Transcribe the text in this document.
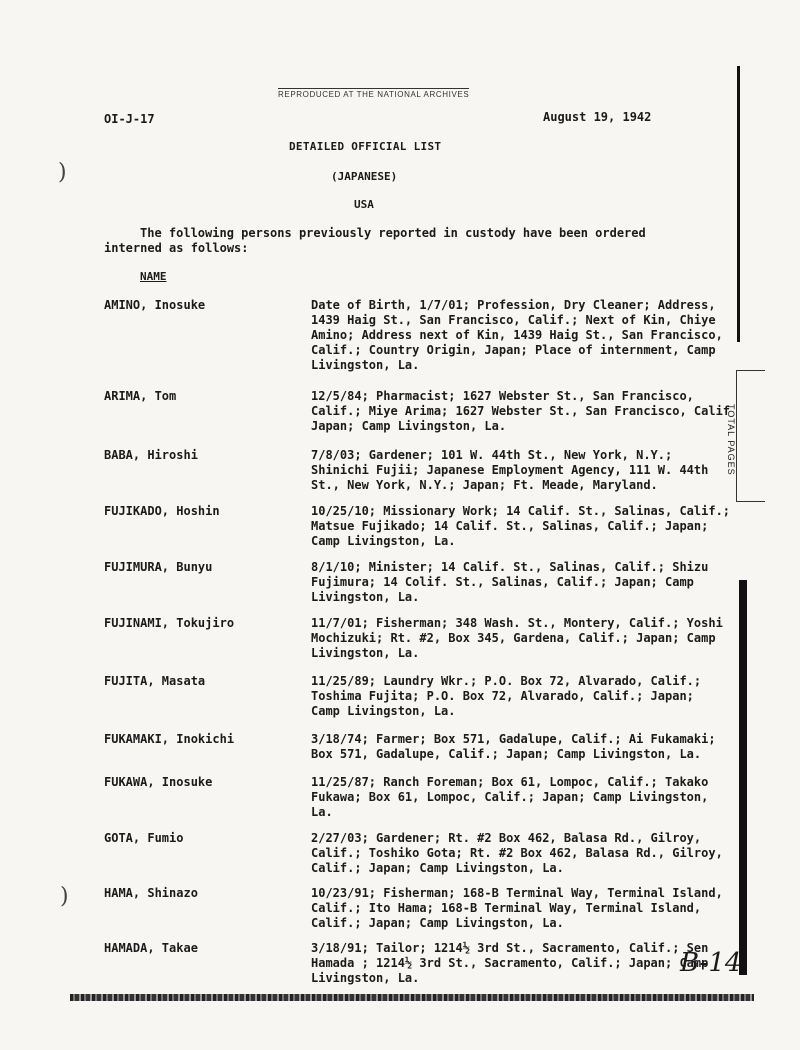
REPRODUCED AT THE NATIONAL ARCHIVES
OI-J-17	August 19, 1942
DETAILED OFFICIAL LIST
(JAPANESE)
USA
The following persons previously reported in custody have been ordered
interned as follows:
NAME
AMINO, Inosuke	Date of Birth, 1/7/01; Profession, Dry Cleaner; Address,
1439 Haig St., San Francisco, Calif.; Next of Kin, Chiye
Amino; Address next of Kin, 1439 Haig St., San Francisco,
Calif.; Country Origin, Japan; Place of internment, Camp
Livingston, La.
ARIMA, Tom	12/5/84; Pharmacist; 1627 Webster St., San Francisco,
Calif.; Miye Arima; 1627 Webster St., San Francisco, Calif
Japan; Camp Livingston, La.
BABA, Hiroshi	7/8/03; Gardener; 101 W. 44th St., New York, N.Y.;
Shinichi Fujii; Japanese Employment Agency, 111 W. 44th
St., New York, N.Y.; Japan; Ft. Meade, Maryland.
FUJIKADO, Hoshin	10/25/10; Missionary Work; 14 Calif. St., Salinas, Calif.;
Matsue Fujikado; 14 Calif. St., Salinas, Calif.; Japan;
Camp Livingston, La.
FUJIMURA, Bunyu	8/1/10; Minister; 14 Calif. St., Salinas, Calif.; Shizu
Fujimura; 14 Colif. St., Salinas, Calif.; Japan; Camp
Livingston, La.
FUJINAMI, Tokujiro	11/7/01; Fisherman; 348 Wash. St., Montery, Calif.; Yoshi
Mochizuki; Rt. #2, Box 345, Gardena, Calif.; Japan; Camp
Livingston, La.
FUJITA, Masata	11/25/89; Laundry Wkr.; P.O. Box 72, Alvarado, Calif.;
Toshima Fujita; P.O. Box 72, Alvarado, Calif.; Japan;
Camp Livingston, La.
FUKAMAKI, Inokichi	3/18/74; Farmer; Box 571, Gadalupe, Calif.; Ai Fukamaki;
Box 571, Gadalupe, Calif.; Japan; Camp Livingston, La.
FUKAWA, Inosuke	11/25/87; Ranch Foreman; Box 61, Lompoc, Calif.; Takako
Fukawa; Box 61, Lompoc, Calif.; Japan; Camp Livingston,
La.
GOTA, Fumio	2/27/03; Gardener; Rt. #2 Box 462, Balasa Rd., Gilroy,
Calif.; Toshiko Gota; Rt. #2 Box 462, Balasa Rd., Gilroy,
Calif.; Japan; Camp Livingston, La.
HAMA, Shinazo	10/23/91; Fisherman; 168-B Terminal Way, Terminal Island,
Calif.; Ito Hama; 168-B Terminal Way, Terminal Island,
Calif.; Japan; Camp Livingston, La.
HAMADA, Takae	3/18/91; Tailor; 1214½ 3rd St., Sacramento, Calif.; Sen
Hamada ; 1214½ 3rd St., Sacramento, Calif.; Japan; Camp
Livingston, La.
TOTAL PAGES
B-14
)
)
